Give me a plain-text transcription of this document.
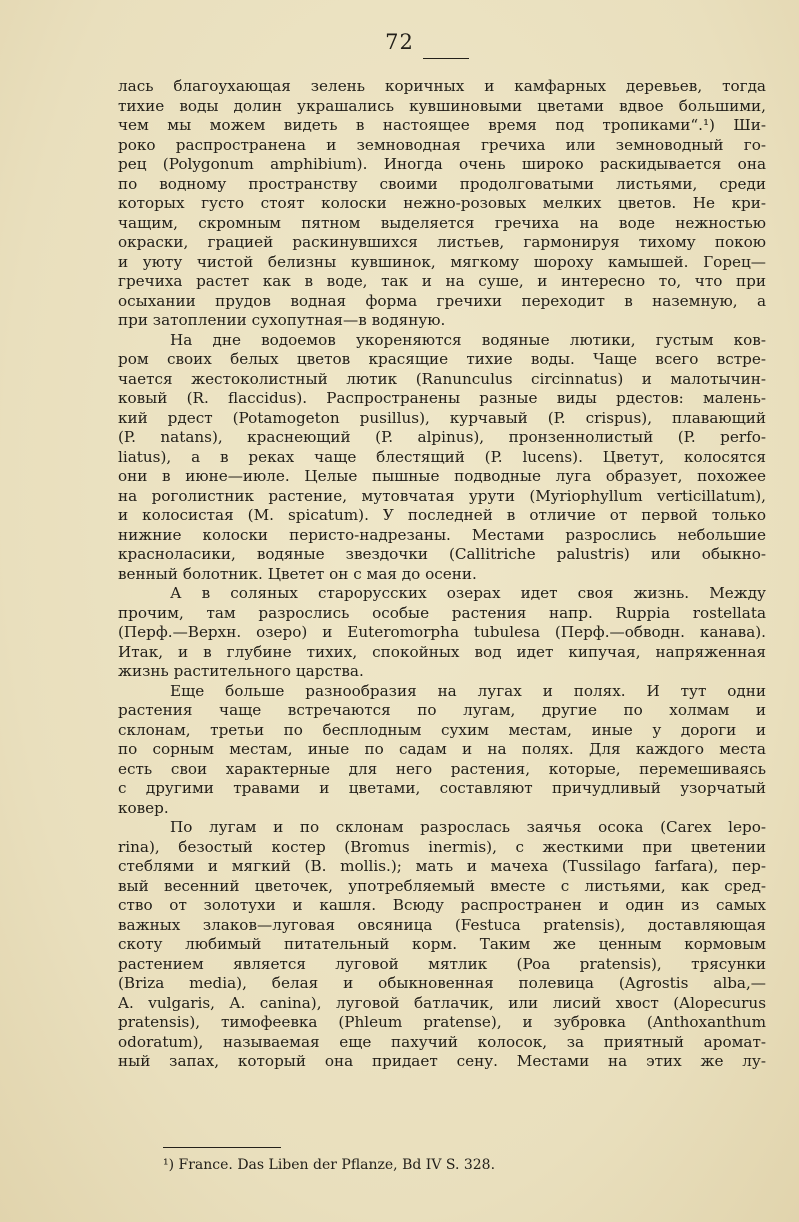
72
лась благоухающая зелень коричных и камфарных деревьев, тогда
тихие воды долин украшались кувшиновыми цветами вдвое большими,
чем мы можем видеть в настоящее время под тропиками“.¹) Ши-
роко распространена и земноводная гречиха или земноводный го-
рец (Polygonum amphibium). Иногда очень широко раскидывается она
по водному пространству своими продолговатыми листьями, среди
которых густо стоят колоски нежно-розовых мелких цветов. Не кри-
чащим, скромным пятном выделяется гречиха на воде нежностью
окраски, грацией раскинувшихся листьев, гармонируя тихому покою
и уюту чистой белизны кувшинок, мягкому шороху камышей. Горец—
гречиха растет как в воде, так и на суше, и интересно то, что при
осыхании прудов водная форма гречихи переходит в наземную, а
при затоплении сухопутная—в водяную.
На дне водоемов укореняются водяные лютики, густым ков-
ром своих белых цветов красящие тихие воды. Чаще всего встре-
чается жестоколистный лютик (Ranunculus circinnatus) и малотычин-
ковый (R. flaccidus). Распространены разные виды рдестов: малень-
кий рдест (Potamogeton pusillus), курчавый (P. crispus), плавающий
(P. natans), краснеющий (P. alpinus), пронзеннолистый (P. perfo-
liatus), а в реках чаще блестящий (P. lucens). Цветут, колосятся
они в июне—июле. Целые пышные подводные луга образует, похожее
на роголистник растение, мутовчатая урути (Myriophyllum verticillatum),
и колосистая (M. spicatum). У последней в отличие от первой только
нижние колоски перисто-надрезаны. Местами разрослись небольшие
красноласики, водяные звездочки (Callitriche palustris) или обыкно-
венный болотник. Цветет он с мая до осени.
А в соляных старорусских озерах идет своя жизнь. Между
прочим, там разрослись особые растения напр. Ruppia rostellata
(Перф.—Верхн. озеро) и Euteromorpha tubulesa (Перф.—обводн. канава).
Итак, и в глубине тихих, спокойных вод идет кипучая, напряженная
жизнь растительного царства.
Еще больше разнообразия на лугах и полях. И тут одни
растения чаще встречаются по лугам, другие по холмам и
склонам, третьи по бесплодным сухим местам, иные у дороги и
по сорным местам, иные по садам и на полях. Для каждого места
есть свои характерные для него растения, которые, перемешиваясь
с другими травами и цветами, составляют причудливый узорчатый
ковер.
По лугам и по склонам разрослась заячья осока (Carex lepo-
rina), безостый костер (Bromus inermis), с жесткими при цветении
стеблями и мягкий (B. mollis.); мать и мачеха (Tussilago farfara), пер-
вый весенний цветочек, употребляемый вместе с листьями, как сред-
ство от золотухи и кашля. Всюду распространен и один из самых
важных злаков—луговая овсяница (Festuca pratensis), доставляющая
скоту любимый питательный корм. Таким же ценным кормовым
растением является луговой мятлик (Poa pratensis), трясунки
(Briza media), белая и обыкновенная полевица (Agrostis alba,—
A. vulgaris, A. canina), луговой батлачик, или лисий хвост (Alopecurus
pratensis), тимофеевка (Phleum pratense), и зубровка (Anthoxanthum
odoratum), называемая еще пахучий колосок, за приятный аромат-
ный запах, который она придает сену. Местами на этих же лу-
¹) France. Das Liben der Pflanze, Bd IV S. 328.
